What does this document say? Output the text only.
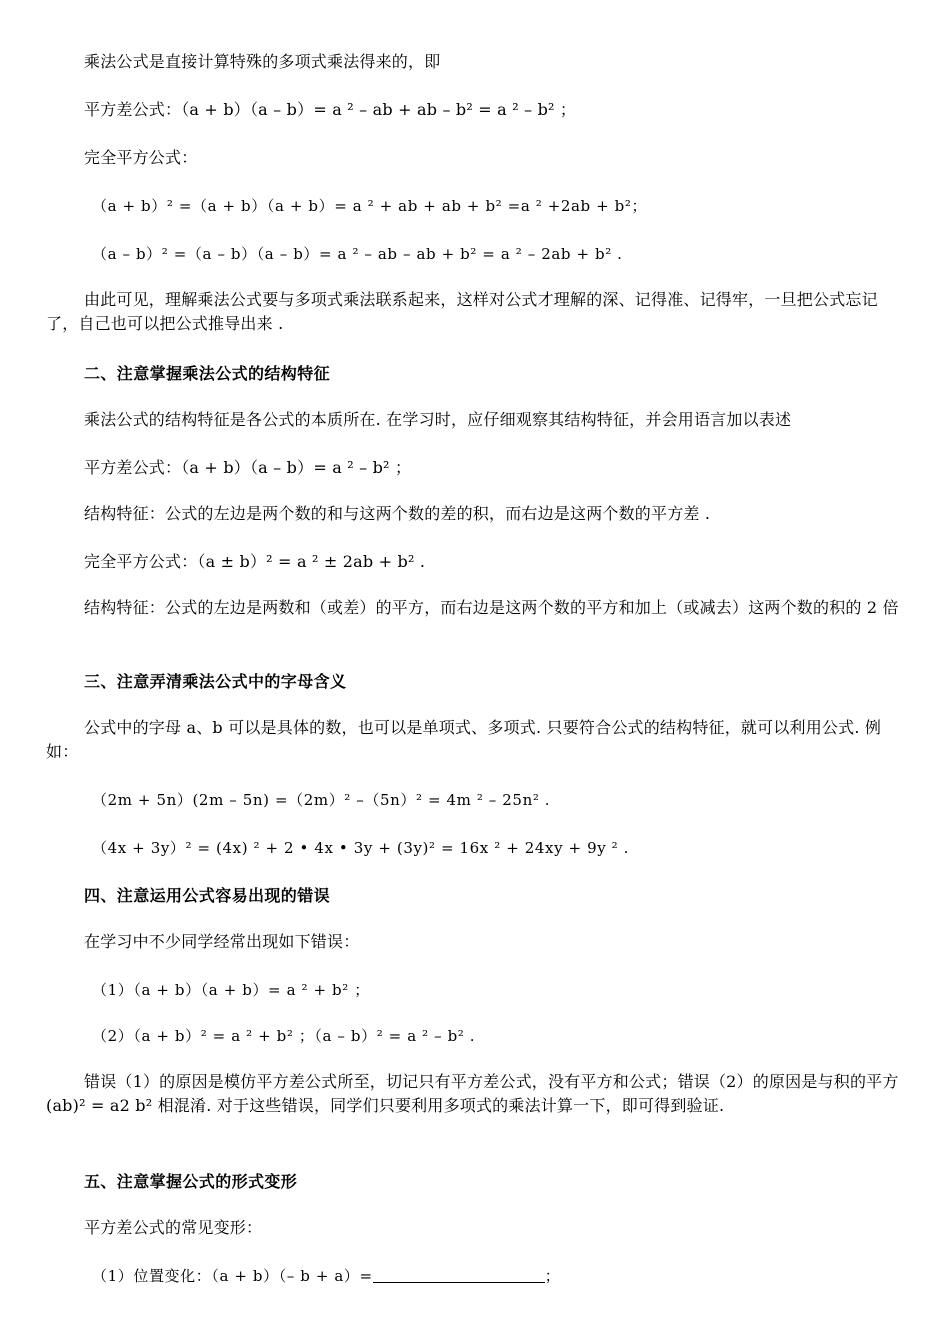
乘法公式是直接计算特殊的多项式乘法得来的，即
平方差公式：（a + b）（a – b）= a ² – ab + ab – b² = a ² – b² ；
完全平方公式：
（a + b）² =（a + b）（a + b）= a ² + ab + ab + b² =a ² +2ab + b²；
（a – b）² =（a – b）（a – b）= a ² – ab – ab + b² = a ² – 2ab + b² .
由此可见，理解乘法公式要与多项式乘法联系起来，这样对公式才理解的深、记得准、记得牢，一旦把公式忘记了，自己也可以把公式推导出来 .
二、注意掌握乘法公式的结构特征
乘法公式的结构特征是各公式的本质所在. 在学习时，应仔细观察其结构特征，并会用语言加以表述
平方差公式：（a + b）（a – b）= a ² – b² ；
结构特征：公式的左边是两个数的和与这两个数的差的积，而右边是这两个数的平方差 .
完全平方公式：（a ± b）² = a ² ± 2ab + b² .
结构特征：公式的左边是两数和（或差）的平方，而右边是这两个数的平方和加上（或减去）这两个数的积的 2 倍
三、注意弄清乘法公式中的字母含义
公式中的字母 a、b 可以是具体的数，也可以是单项式、多项式. 只要符合公式的结构特征，就可以利用公式. 例如：
（2m + 5n）(2m – 5n) =（2m）² –（5n）² = 4m ² – 25n² .
（4x + 3y）² = (4x) ² + 2 • 4x • 3y + (3y)² = 16x ² + 24xy + 9y ² .
四、注意运用公式容易出现的错误
在学习中不少同学经常出现如下错误：
（1）（a + b）（a + b）= a ² + b² ；
（2）（a + b）² = a ² + b² ；（a – b）² = a ² – b² .
错误（1）的原因是模仿平方差公式所至，切记只有平方差公式，没有平方和公式；错误（2）的原因是与积的平方 (ab)² = a2 b² 相混淆. 对于这些错误，同学们只要利用多项式的乘法计算一下，即可得到验证.
五、注意掌握公式的形式变形
平方差公式的常见变形：
（1）位置变化：（a + b）（– b + a）=	；
